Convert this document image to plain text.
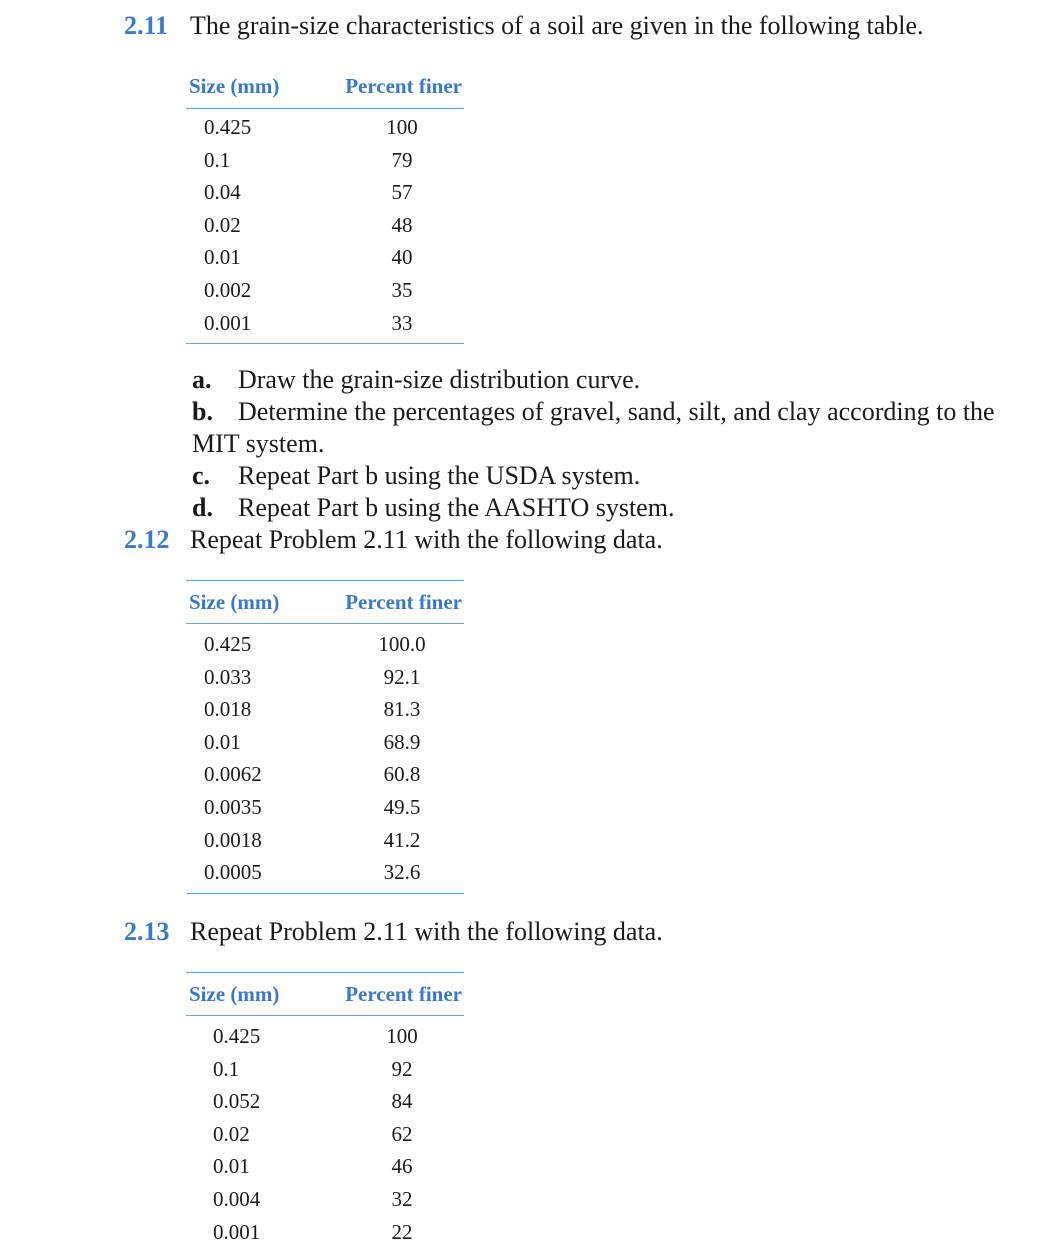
2.11 The grain-size characteristics of a soil are given in the following table.
Size (mm)	Percent finer
0.425	100
0.1	79
0.04	57
0.02	48
0.01	40
0.002	35
0.001	33
a. Draw the grain-size distribution curve.
b. Determine the percentages of gravel, sand, silt, and clay according to the
MIT system.
c. Repeat Part b using the USDA system.
d. Repeat Part b using the AASHTO system.
2.12 Repeat Problem 2.11 with the following data.
Size (mm)	Percent finer
0.425	100.0
0.033	92.1
0.018	81.3
0.01	68.9
0.0062	60.8
0.0035	49.5
0.0018	41.2
0.0005	32.6
2.13 Repeat Problem 2.11 with the following data.
Size (mm)	Percent finer
0.425	100
0.1	92
0.052	84
0.02	62
0.01	46
0.004	32
0.001	22
